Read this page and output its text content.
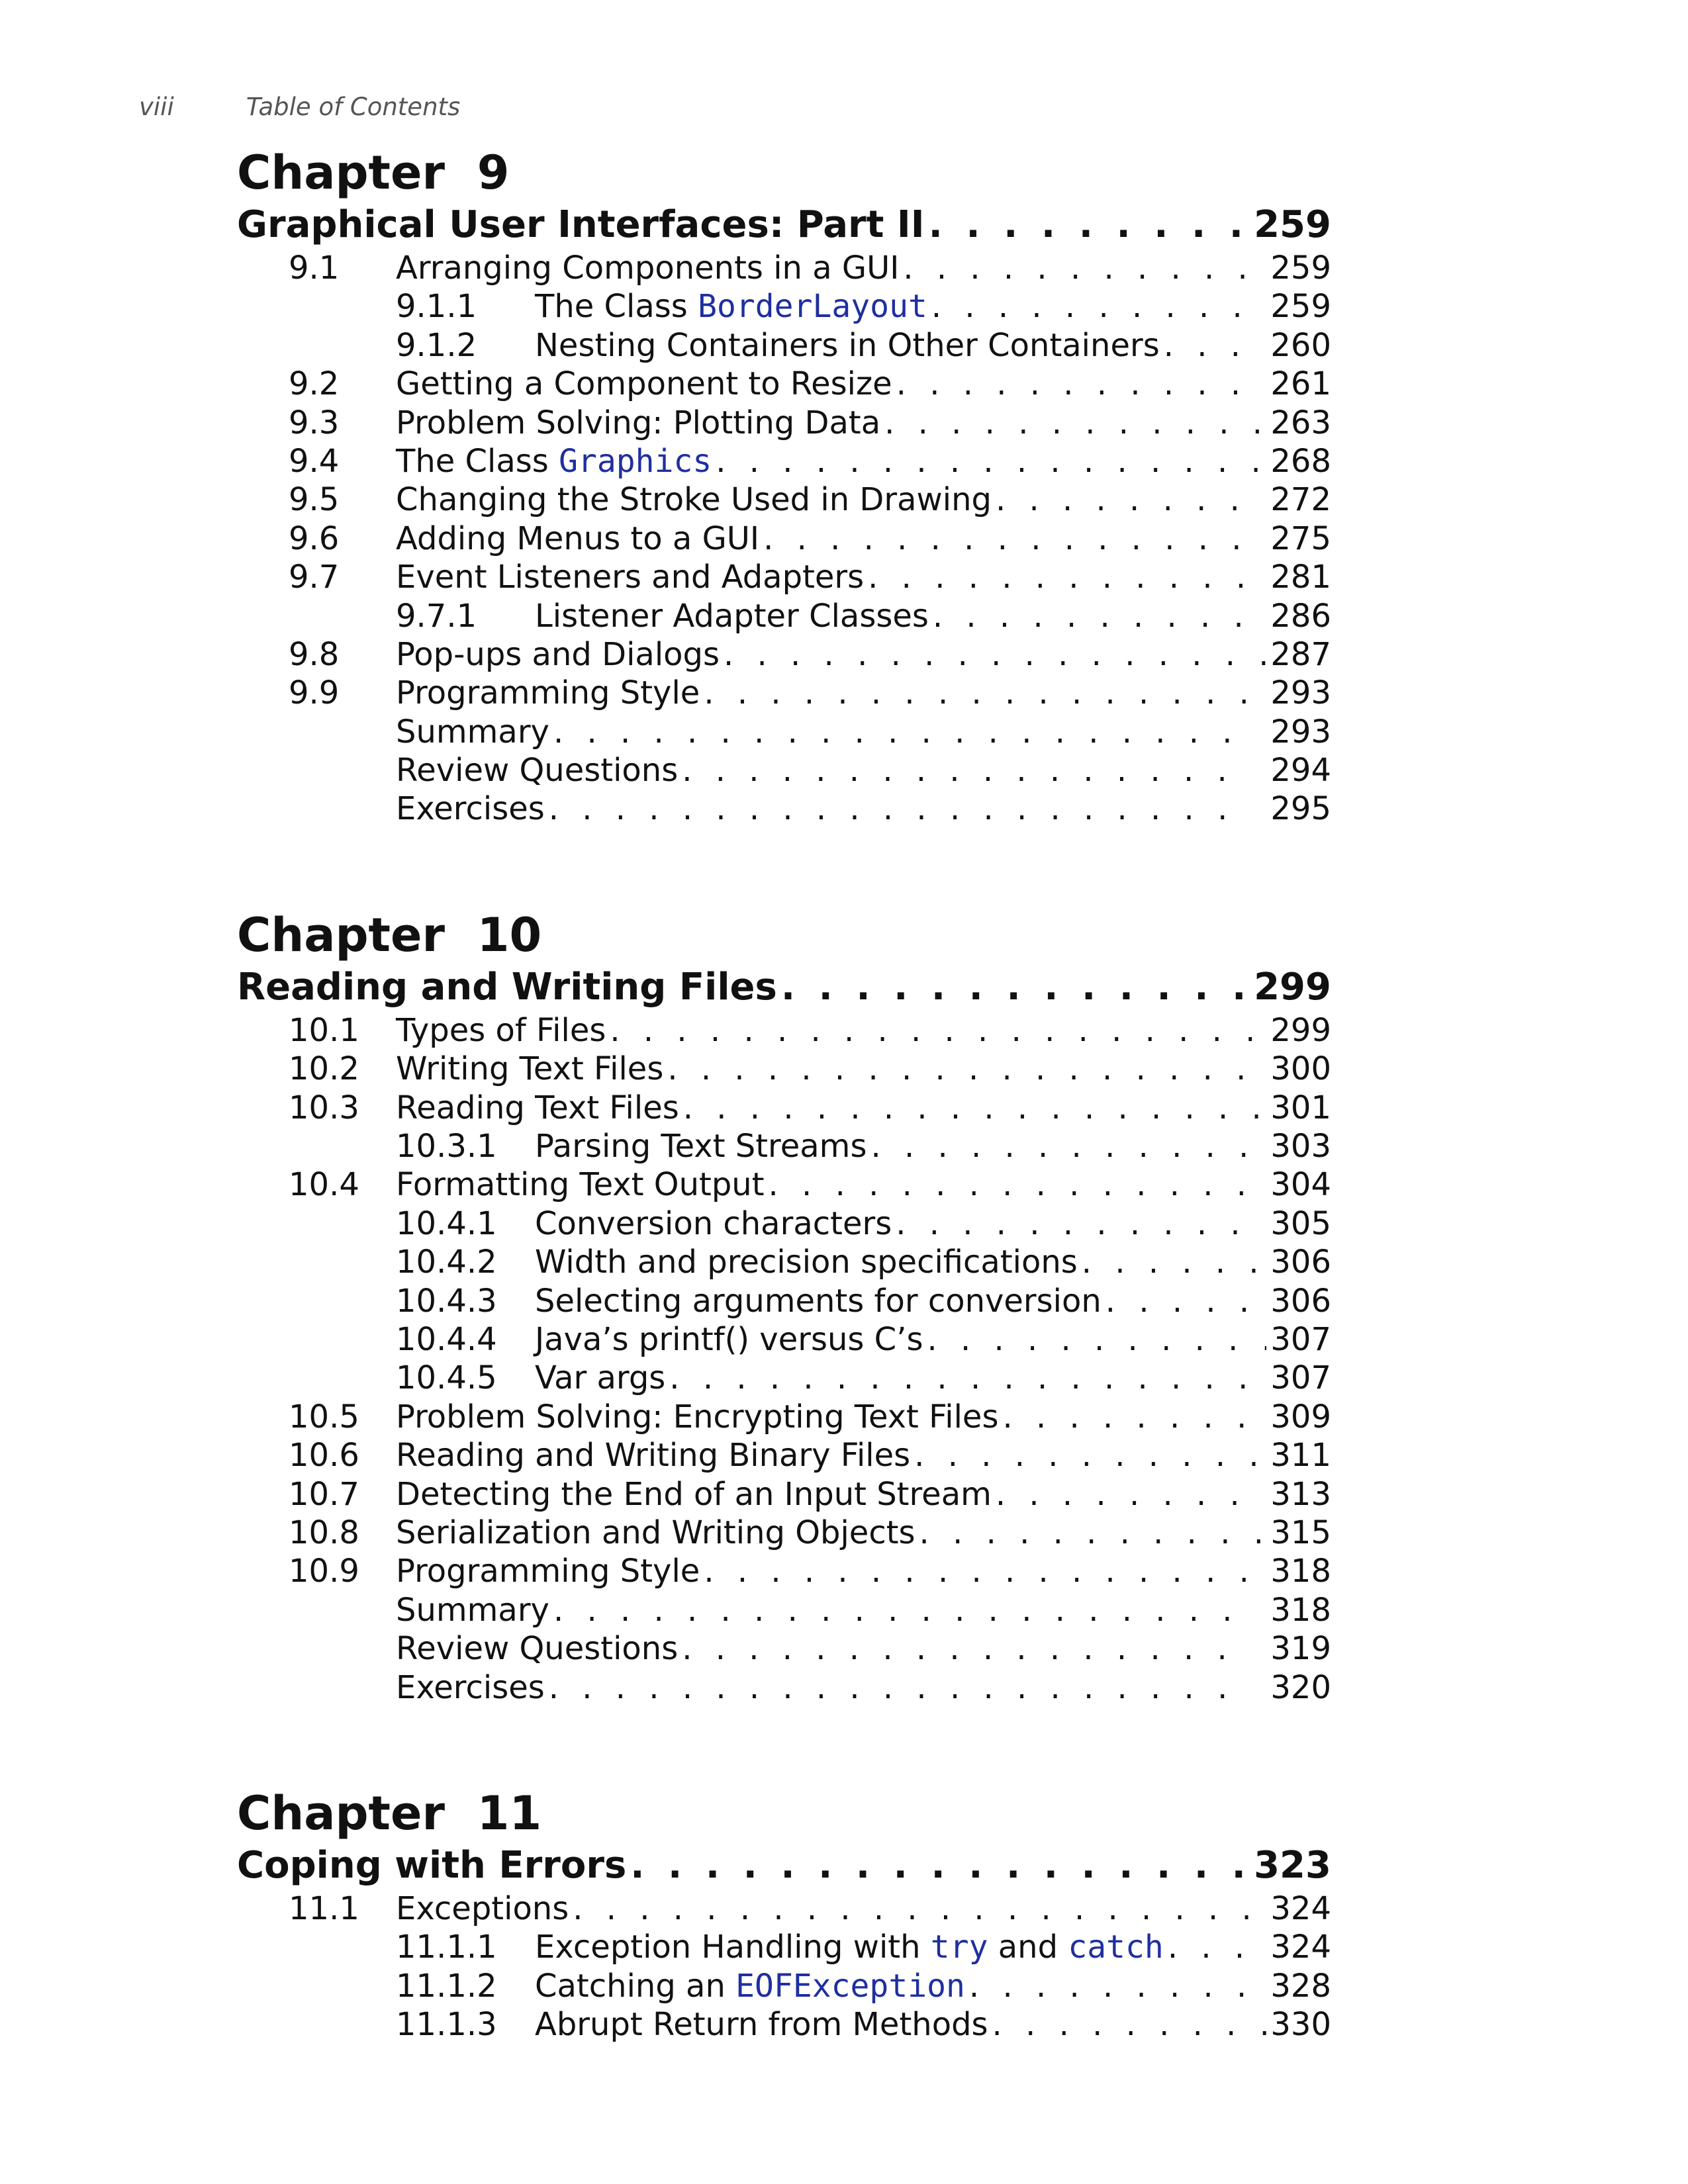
viii	Table of Contents
Chapter  9
Graphical User Interfaces: Part II . . .	259
9.1	Arranging Components in a GUI . . .	259
9.1.1	The Class BorderLayout . . .	259
9.1.2	Nesting Containers in Other Containers . . .	260
9.2	Getting a Component to Resize . . .	261
9.3	Problem Solving: Plotting Data . . .	263
9.4	The Class Graphics . . .	268
9.5	Changing the Stroke Used in Drawing . . .	272
9.6	Adding Menus to a GUI . . .	275
9.7	Event Listeners and Adapters . . .	281
9.7.1	Listener Adapter Classes . . .	286
9.8	Pop-ups and Dialogs . . .	287
9.9	Programming Style . . .	293
Summary . . .	293
Review Questions . . .	294
Exercises . . .	295
Chapter  10
Reading and Writing Files . . .	299
10.1	Types of Files . . .	299
10.2	Writing Text Files . . .	300
10.3	Reading Text Files . . .	301
10.3.1	Parsing Text Streams . . .	303
10.4	Formatting Text Output . . .	304
10.4.1	Conversion characters . . .	305
10.4.2	Width and precision specifications . . .	306
10.4.3	Selecting arguments for conversion . . .	306
10.4.4	Java’s printf() versus C’s . . .	307
10.4.5	Var args . . .	307
10.5	Problem Solving: Encrypting Text Files . . .	309
10.6	Reading and Writing Binary Files . . .	311
10.7	Detecting the End of an Input Stream . . .	313
10.8	Serialization and Writing Objects . . .	315
10.9	Programming Style . . .	318
Summary . . .	318
Review Questions . . .	319
Exercises . . .	320
Chapter  11
Coping with Errors . . .	323
11.1	Exceptions . . .	324
11.1.1	Exception Handling with try and catch . . .	324
11.1.2	Catching an EOFException . . .	328
11.1.3	Abrupt Return from Methods . . .	330
